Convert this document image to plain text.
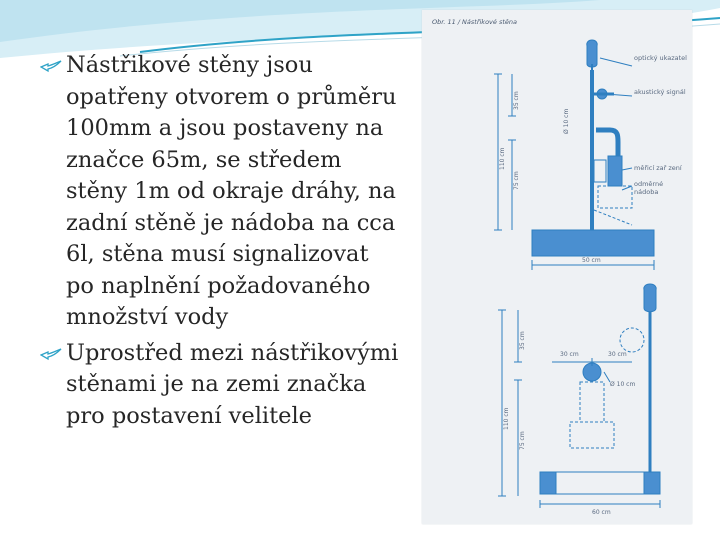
Nástřikové stěny jsou opatřeny otvorem o průměru 100mm a jsou postaveny na značce 65m, se středem stěny 1m od okraje dráhy, na zadní stěně je nádoba na cca 6l, stěna musí signalizovat po naplnění požadovaného množství vody
Uprostřed mezi nástřikovými stěnami je na zemi značka pro postavení velitele
Obr. 11 / Nástřikové stěna
optický ukazatel
akustický signál
měřicí zař zení
odměrné
nádoba
35 cm
110 cm
75 cm
Ø 10 cm
50 cm
35 cm
30 cm	30 cm
Ø 10 cm
110 cm
75 cm
60 cm
